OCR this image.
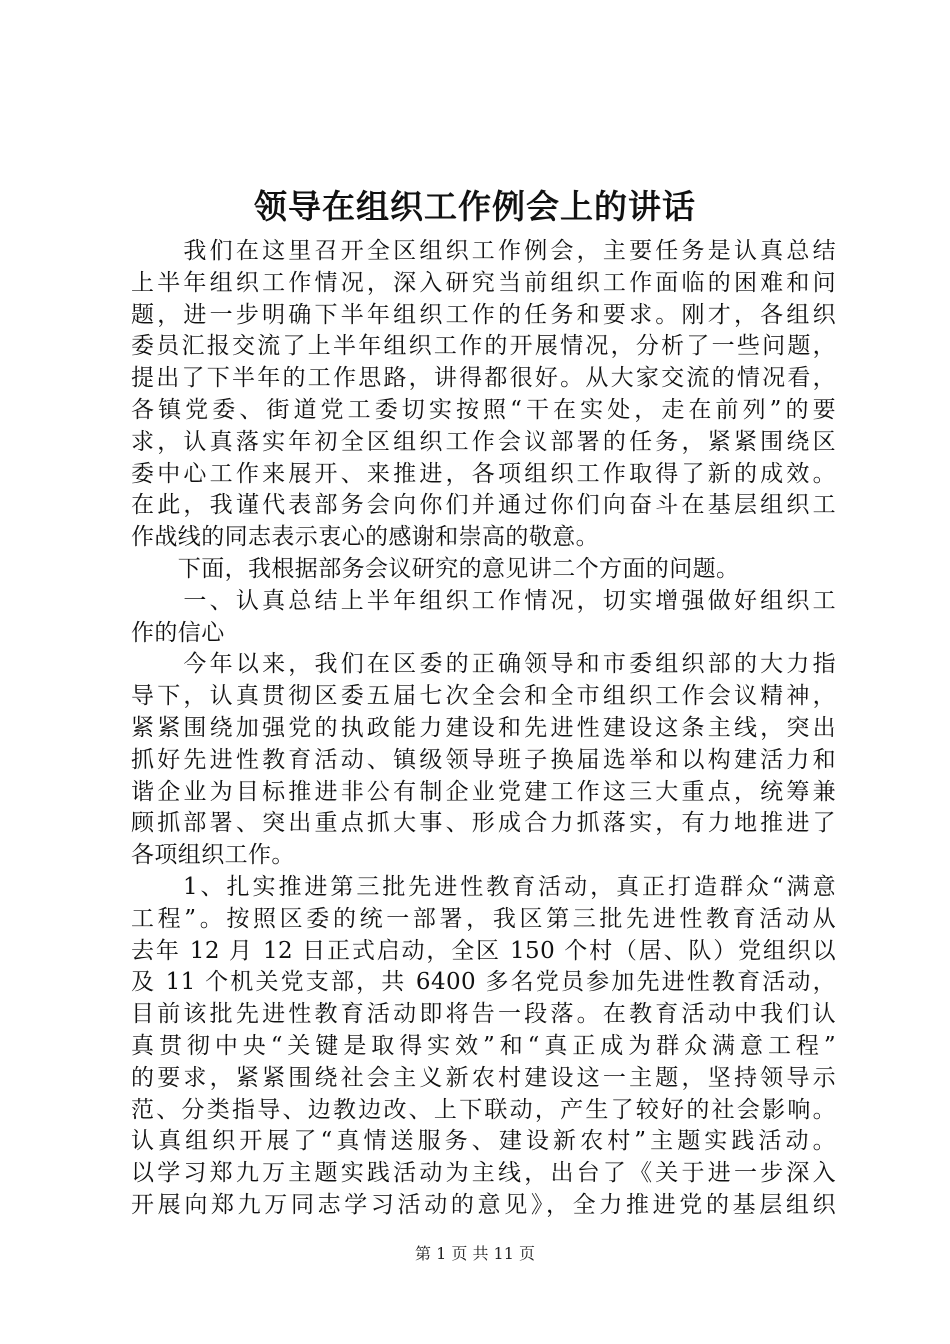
领导在组织工作例会上的讲话
　　我们在这里召开全区组织工作例会，主要任务是认真总结
上半年组织工作情况，深入研究当前组织工作面临的困难和问
题，进一步明确下半年组织工作的任务和要求。刚才，各组织
委员汇报交流了上半年组织工作的开展情况，分析了一些问题，
提出了下半年的工作思路，讲得都很好。从大家交流的情况看，
各镇党委、街道党工委切实按照“干在实处，走在前列”的要
求，认真落实年初全区组织工作会议部署的任务，紧紧围绕区
委中心工作来展开、来推进，各项组织工作取得了新的成效。
在此，我谨代表部务会向你们并通过你们向奋斗在基层组织工
作战线的同志表示衷心的感谢和崇高的敬意。
　　下面，我根据部务会议研究的意见讲二个方面的问题。
　　一、认真总结上半年组织工作情况，切实增强做好组织工
作的信心
　　今年以来，我们在区委的正确领导和市委组织部的大力指
导下，认真贯彻区委五届七次全会和全市组织工作会议精神，
紧紧围绕加强党的执政能力建设和先进性建设这条主线，突出
抓好先进性教育活动、镇级领导班子换届选举和以构建活力和
谐企业为目标推进非公有制企业党建工作这三大重点，统筹兼
顾抓部署、突出重点抓大事、形成合力抓落实，有力地推进了
各项组织工作。
　　1、扎实推进第三批先进性教育活动，真正打造群众“满意
工程”。按照区委的统一部署，我区第三批先进性教育活动从
去年 12 月 12 日正式启动，全区 150 个村（居、队）党组织以
及 11 个机关党支部，共 6400 多名党员参加先进性教育活动，
目前该批先进性教育活动即将告一段落。在教育活动中我们认
真贯彻中央“关键是取得实效”和“真正成为群众满意工程”
的要求，紧紧围绕社会主义新农村建设这一主题，坚持领导示
范、分类指导、边教边改、上下联动，产生了较好的社会影响。
认真组织开展了“真情送服务、建设新农村”主题实践活动。
以学习郑九万主题实践活动为主线，出台了《关于进一步深入
开展向郑九万同志学习活动的意见》，全力推进党的基层组织
第 1 页 共 11 页
